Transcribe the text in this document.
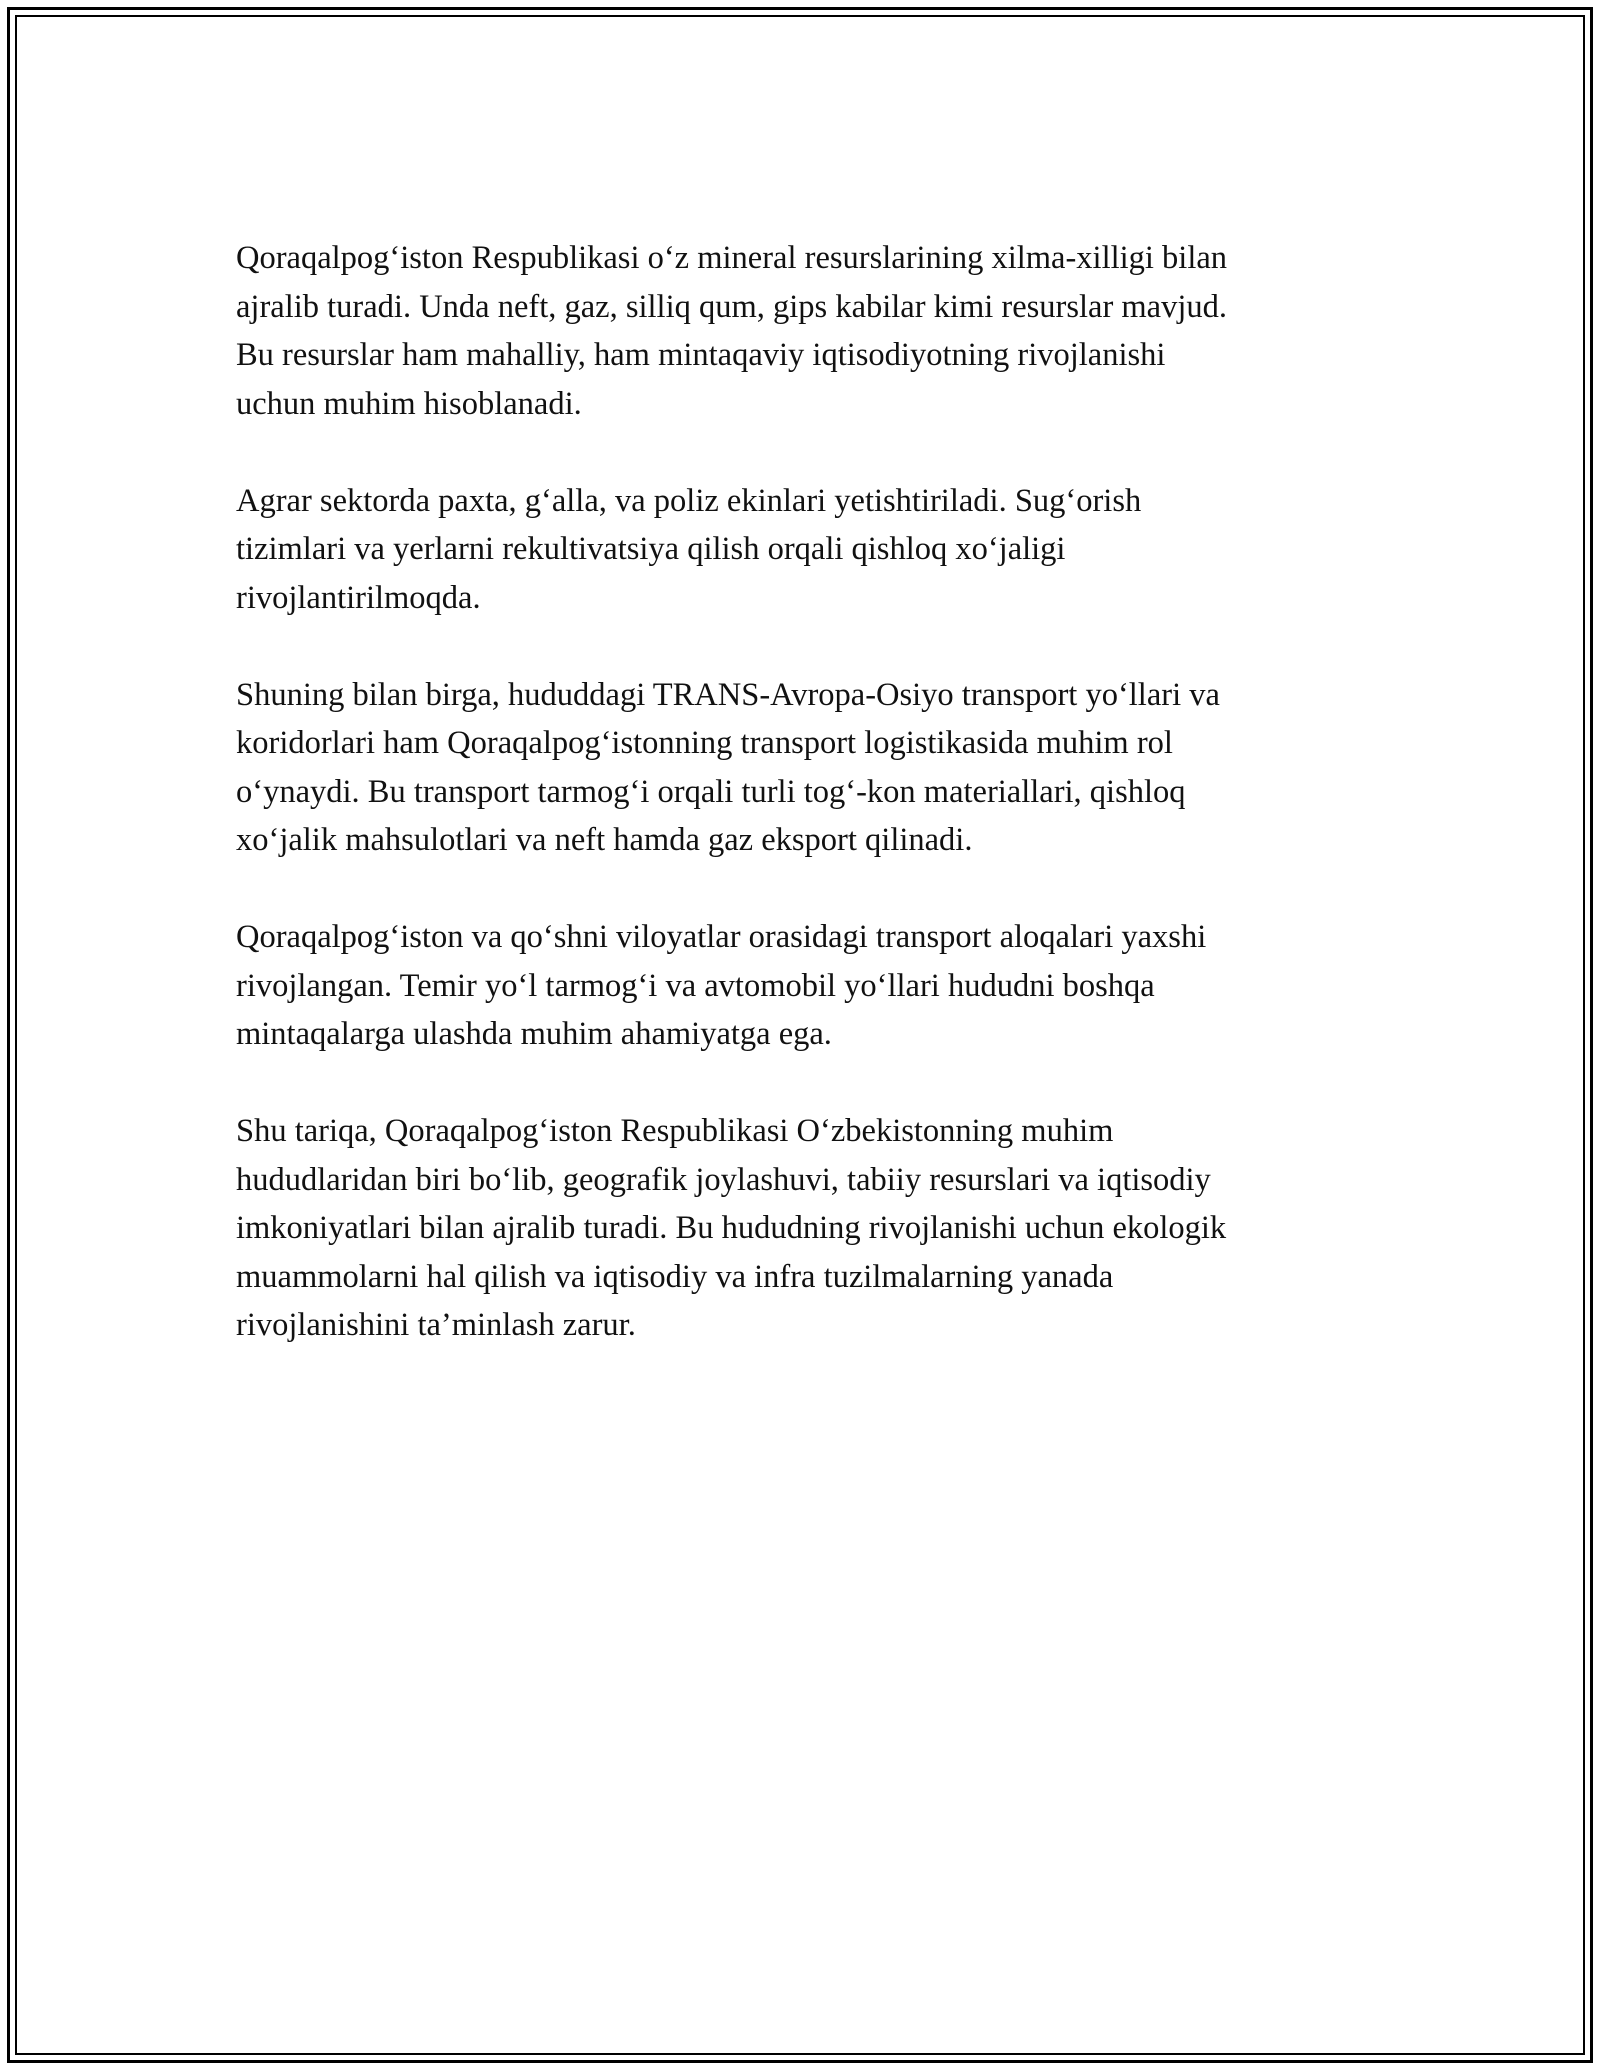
Qoraqalpog‘iston Respublikasi o‘z mineral resurslarining xilma-xilligi bilan
ajralib turadi. Unda neft, gaz, silliq qum, gips kabilar kimi resurslar mavjud.
Bu resurslar ham mahalliy, ham mintaqaviy iqtisodiyotning rivojlanishi
uchun muhim hisoblanadi.

Agrar sektorda paxta, g‘alla, va poliz ekinlari yetishtiriladi. Sug‘orish
tizimlari va yerlarni rekultivatsiya qilish orqali qishloq xo‘jaligi
rivojlantirilmoqda.

Shuning bilan birga, hududdagi TRANS-Avropa-Osiyo transport yo‘llari va
koridorlari ham Qoraqalpog‘istonning transport logistikasida muhim rol
o‘ynaydi. Bu transport tarmog‘i orqali turli tog‘-kon materiallari, qishloq
xo‘jalik mahsulotlari va neft hamda gaz eksport qilinadi.

Qoraqalpog‘iston va qo‘shni viloyatlar orasidagi transport aloqalari yaxshi
rivojlangan. Temir yo‘l tarmog‘i va avtomobil yo‘llari hududni boshqa
mintaqalarga ulashda muhim ahamiyatga ega.

Shu tariqa, Qoraqalpog‘iston Respublikasi O‘zbekistonning muhim
hududlaridan biri bo‘lib, geografik joylashuvi, tabiiy resurslari va iqtisodiy
imkoniyatlari bilan ajralib turadi. Bu hududning rivojlanishi uchun ekologik
muammolarni hal qilish va iqtisodiy va infra tuzilmalarning yanada
rivojlanishini ta’minlash zarur.
